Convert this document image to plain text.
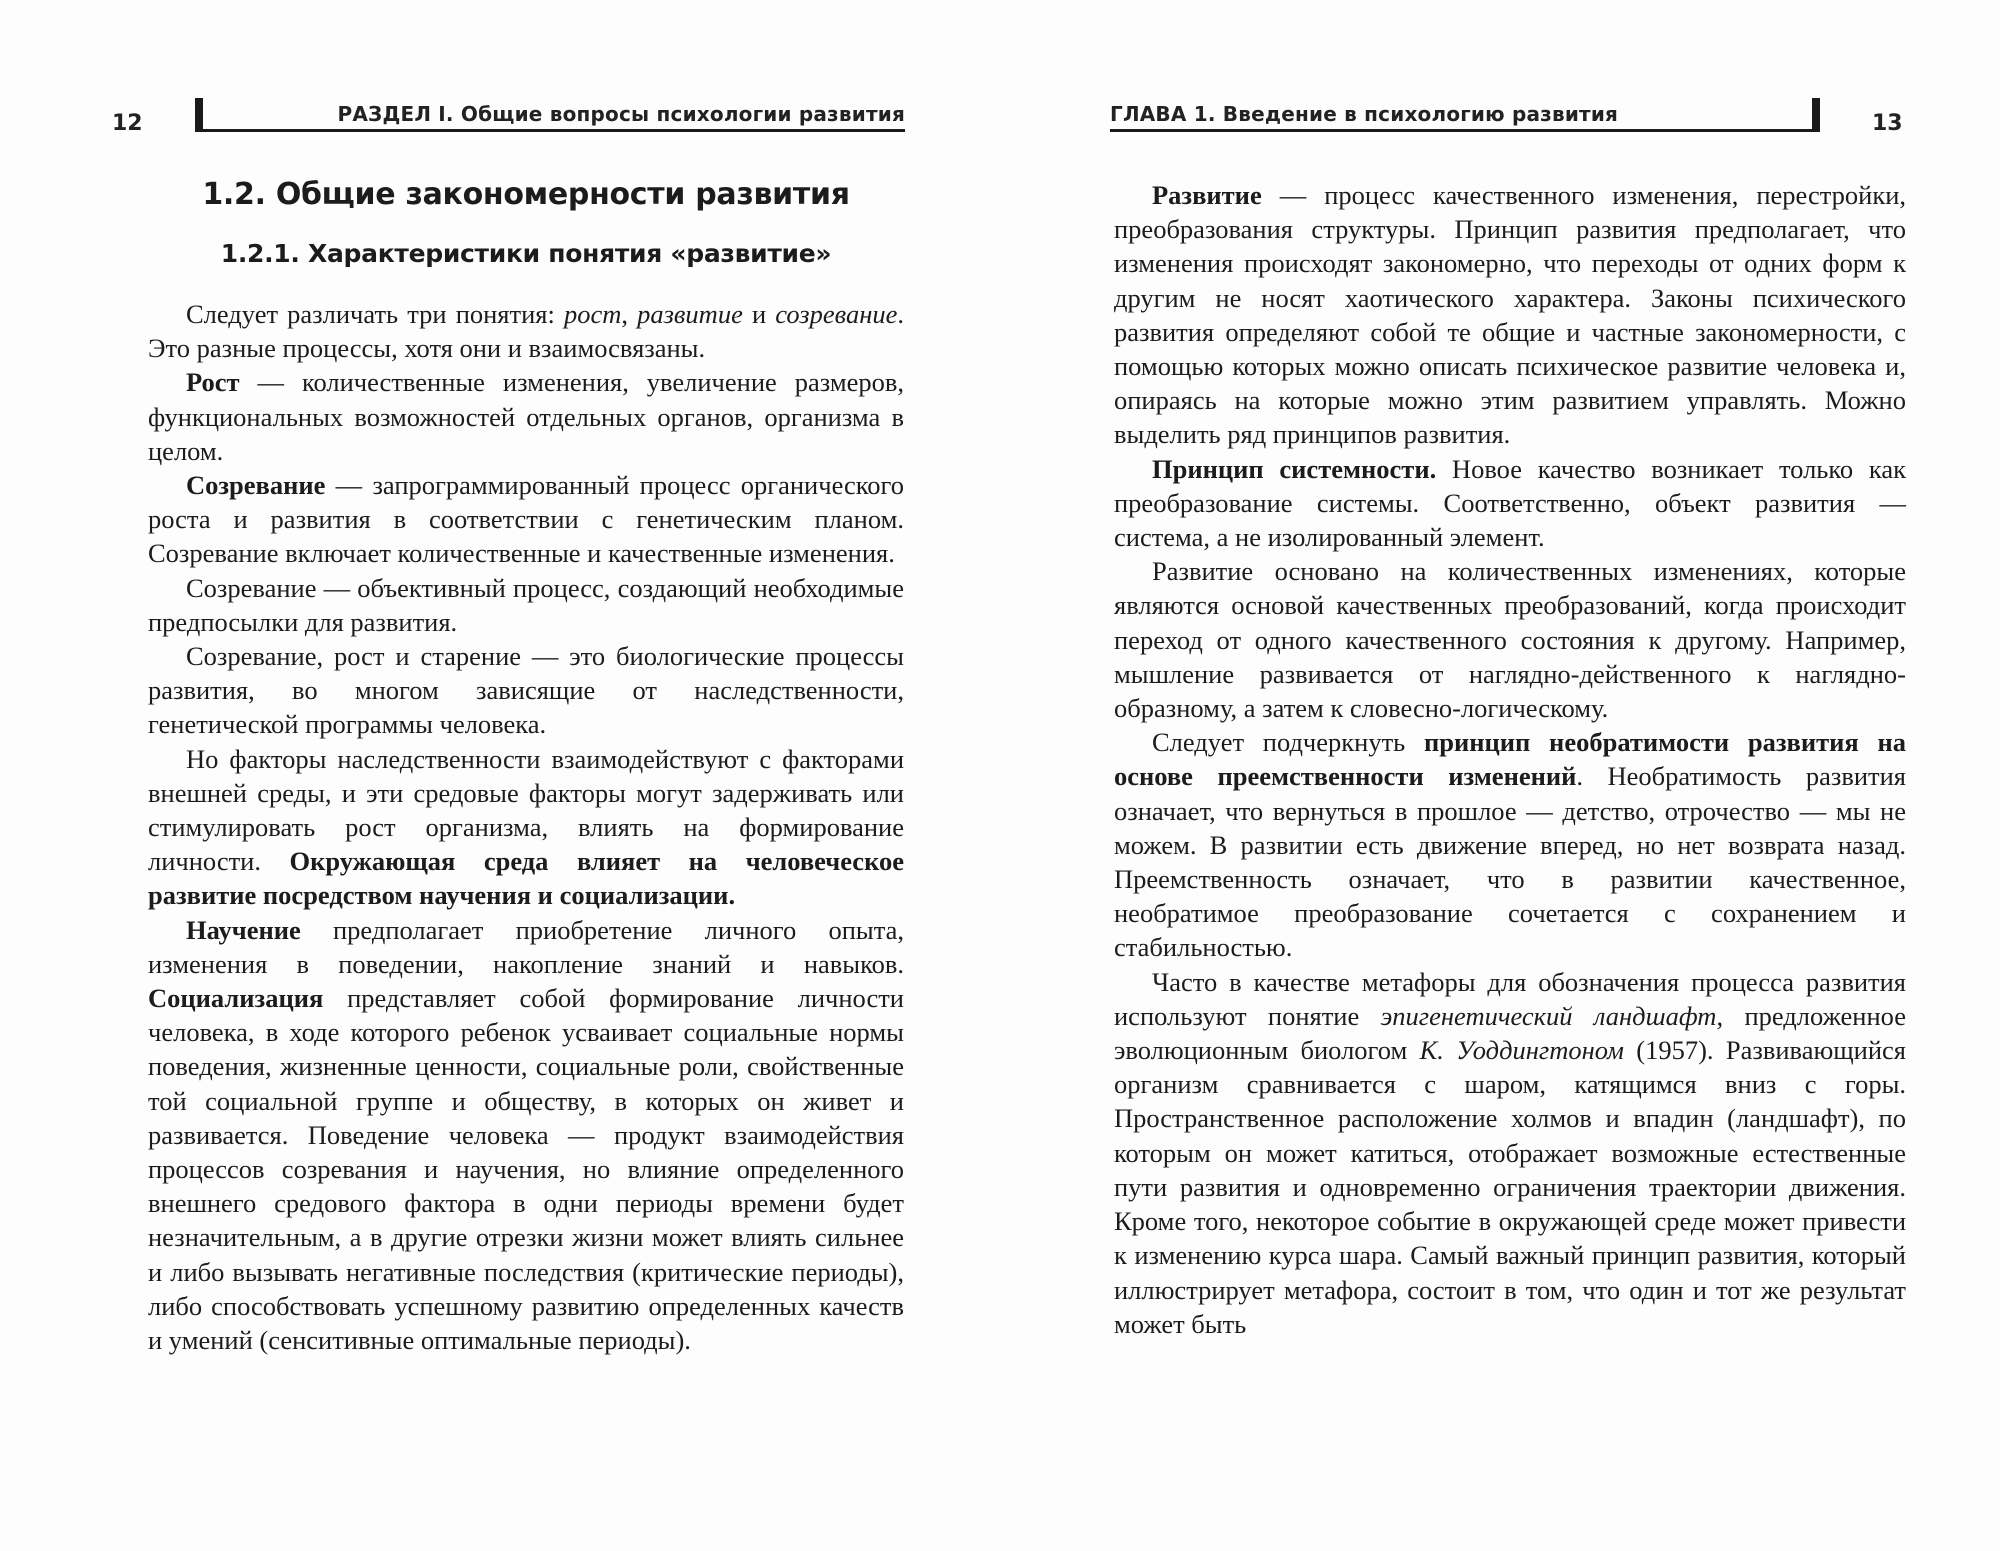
12	РАЗДЕЛ I. Общие вопросы психологии развития
1.2. Общие закономерности развития
1.2.1. Характеристики понятия «развитие»

Следует различать три понятия: рост, развитие и созревание. Это разные процессы, хотя они и взаимосвязаны.

Рост — количественные изменения, увеличение размеров, функциональных возможностей отдельных органов, организма в целом.

Созревание — запрограммированный процесс органического роста и развития в соответствии с генетическим планом. Созревание включает количественные и качественные изменения.

Созревание — объективный процесс, создающий необходимые предпосылки для развития.

Созревание, рост и старение — это биологические процессы развития, во многом зависящие от наследственности, генетической программы человека.

Но факторы наследственности взаимодействуют с факторами внешней среды, и эти средовые факторы могут задерживать или стимулировать рост организма, влиять на формирование личности. Окружающая среда влияет на человеческое развитие посредством научения и социализации.

Научение предполагает приобретение личного опыта, изменения в поведении, накопление знаний и навыков. Социализация представляет собой формирование личности человека, в ходе которого ребенок усваивает социальные нормы поведения, жизненные ценности, социальные роли, свойственные той социальной группе и обществу, в которых он живет и развивается. Поведение человека — продукт взаимодействия процессов созревания и научения, но влияние определенного внешнего средового фактора в одни периоды времени будет незначительным, а в другие отрезки жизни может влиять сильнее и либо вызывать негативные последствия (критические периоды), либо способствовать успешному развитию определенных качеств и умений (сенситивные оптимальные периоды).

ГЛАВА 1. Введение в психологию развития	13

Развитие — процесс качественного изменения, перестройки, преобразования структуры. Принцип развития предполагает, что изменения происходят закономерно, что переходы от одних форм к другим не носят хаотического характера. Законы психического развития определяют собой те общие и частные закономерности, с помощью которых можно описать психическое развитие человека и, опираясь на которые можно этим развитием управлять. Можно выделить ряд принципов развития.

Принцип системности. Новое качество возникает только как преобразование системы. Соответственно, объект развития — система, а не изолированный элемент.

Развитие основано на количественных изменениях, которые являются основой качественных преобразований, когда происходит переход от одного качественного состояния к другому. Например, мышление развивается от наглядно-действенного к наглядно-образному, а затем к словесно-логическому.

Следует подчеркнуть принцип необратимости развития на основе преемственности изменений. Необратимость развития означает, что вернуться в прошлое — детство, отрочество — мы не можем. В развитии есть движение вперед, но нет возврата назад. Преемственность означает, что в развитии качественное, необратимое преобразование сочетается с сохранением и стабильностью.

Часто в качестве метафоры для обозначения процесса развития используют понятие эпигенетический ландшафт, предложенное эволюционным биологом К. Уоддингтоном (1957). Развивающийся организм сравнивается с шаром, катящимся вниз с горы. Пространственное расположение холмов и впадин (ландшафт), по которым он может катиться, отображает возможные естественные пути развития и одновременно ограничения траектории движения. Кроме того, некоторое событие в окружающей среде может привести к изменению курса шара. Самый важный принцип развития, который иллюстрирует метафора, состоит в том, что один и тот же результат может быть
